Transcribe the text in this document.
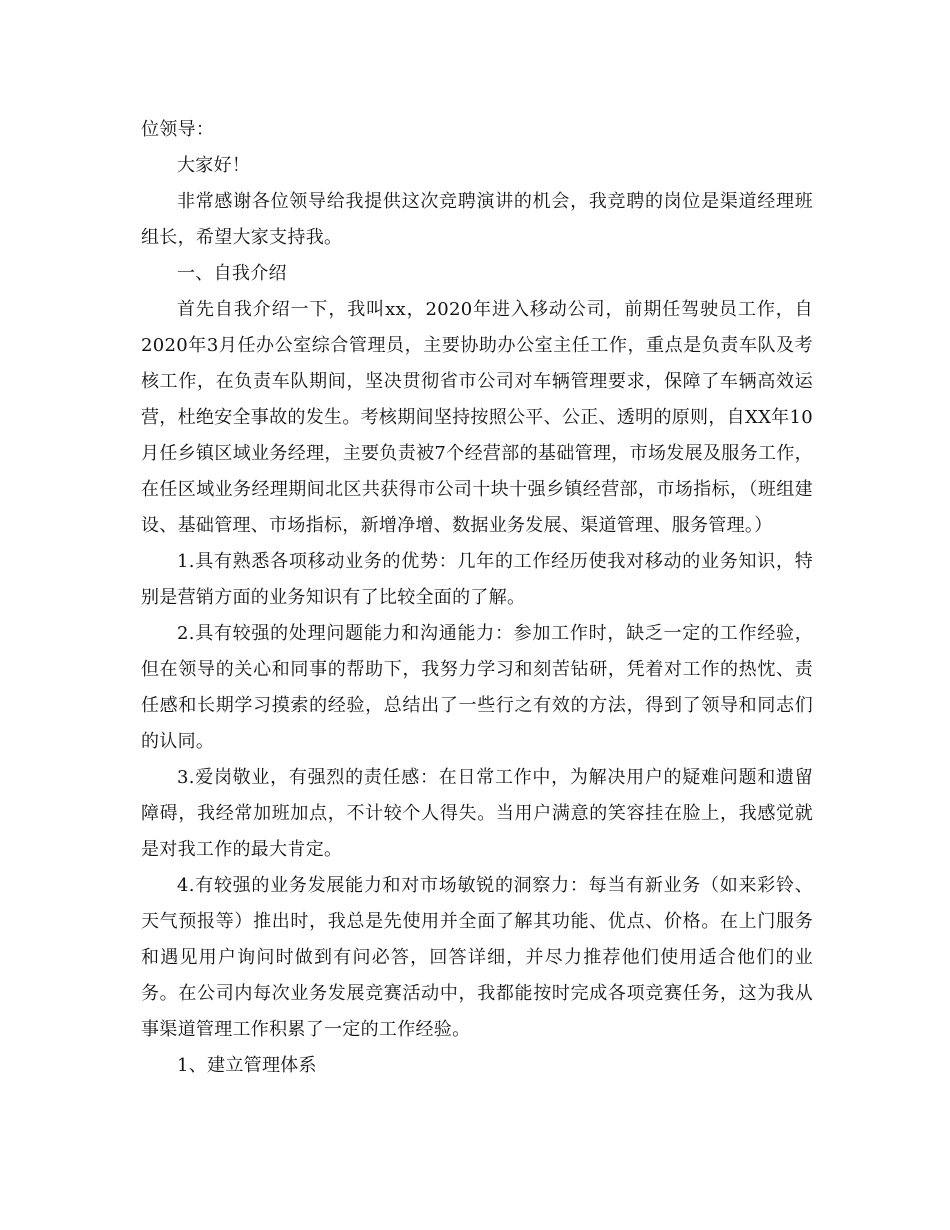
位领导：

大家好！

非常感谢各位领导给我提供这次竞聘演讲的机会，我竞聘的岗位是渠道经理班组长，希望大家支持我。

一、自我介绍

首先自我介绍一下，我叫xx，2020年进入移动公司，前期任驾驶员工作，自2020年3月任办公室综合管理员，主要协助办公室主任工作，重点是负责车队及考核工作，在负责车队期间，坚决贯彻省市公司对车辆管理要求，保障了车辆高效运营，杜绝安全事故的发生。考核期间坚持按照公平、公正、透明的原则，自XX年10月任乡镇区域业务经理，主要负责被7个经营部的基础管理，市场发展及服务工作，在任区域业务经理期间北区共获得市公司十块十强乡镇经营部，市场指标，（班组建设、基础管理、市场指标，新增净增、数据业务发展、渠道管理、服务管理。）

1.具有熟悉各项移动业务的优势：几年的工作经历使我对移动的业务知识，特别是营销方面的业务知识有了比较全面的了解。

2.具有较强的处理问题能力和沟通能力：参加工作时，缺乏一定的工作经验，但在领导的关心和同事的帮助下，我努力学习和刻苦钻研，凭着对工作的热忱、责任感和长期学习摸索的经验，总结出了一些行之有效的方法，得到了领导和同志们的认同。

3.爱岗敬业，有强烈的责任感：在日常工作中，为解决用户的疑难问题和遗留障碍，我经常加班加点，不计较个人得失。当用户满意的笑容挂在脸上，我感觉就是对我工作的最大肯定。

4.有较强的业务发展能力和对市场敏锐的洞察力：每当有新业务（如来彩铃、天气预报等）推出时，我总是先使用并全面了解其功能、优点、价格。在上门服务和遇见用户询问时做到有问必答，回答详细，并尽力推荐他们使用适合他们的业务。在公司内每次业务发展竞赛活动中，我都能按时完成各项竞赛任务，这为我从事渠道管理工作积累了一定的工作经验。

1、建立管理体系
